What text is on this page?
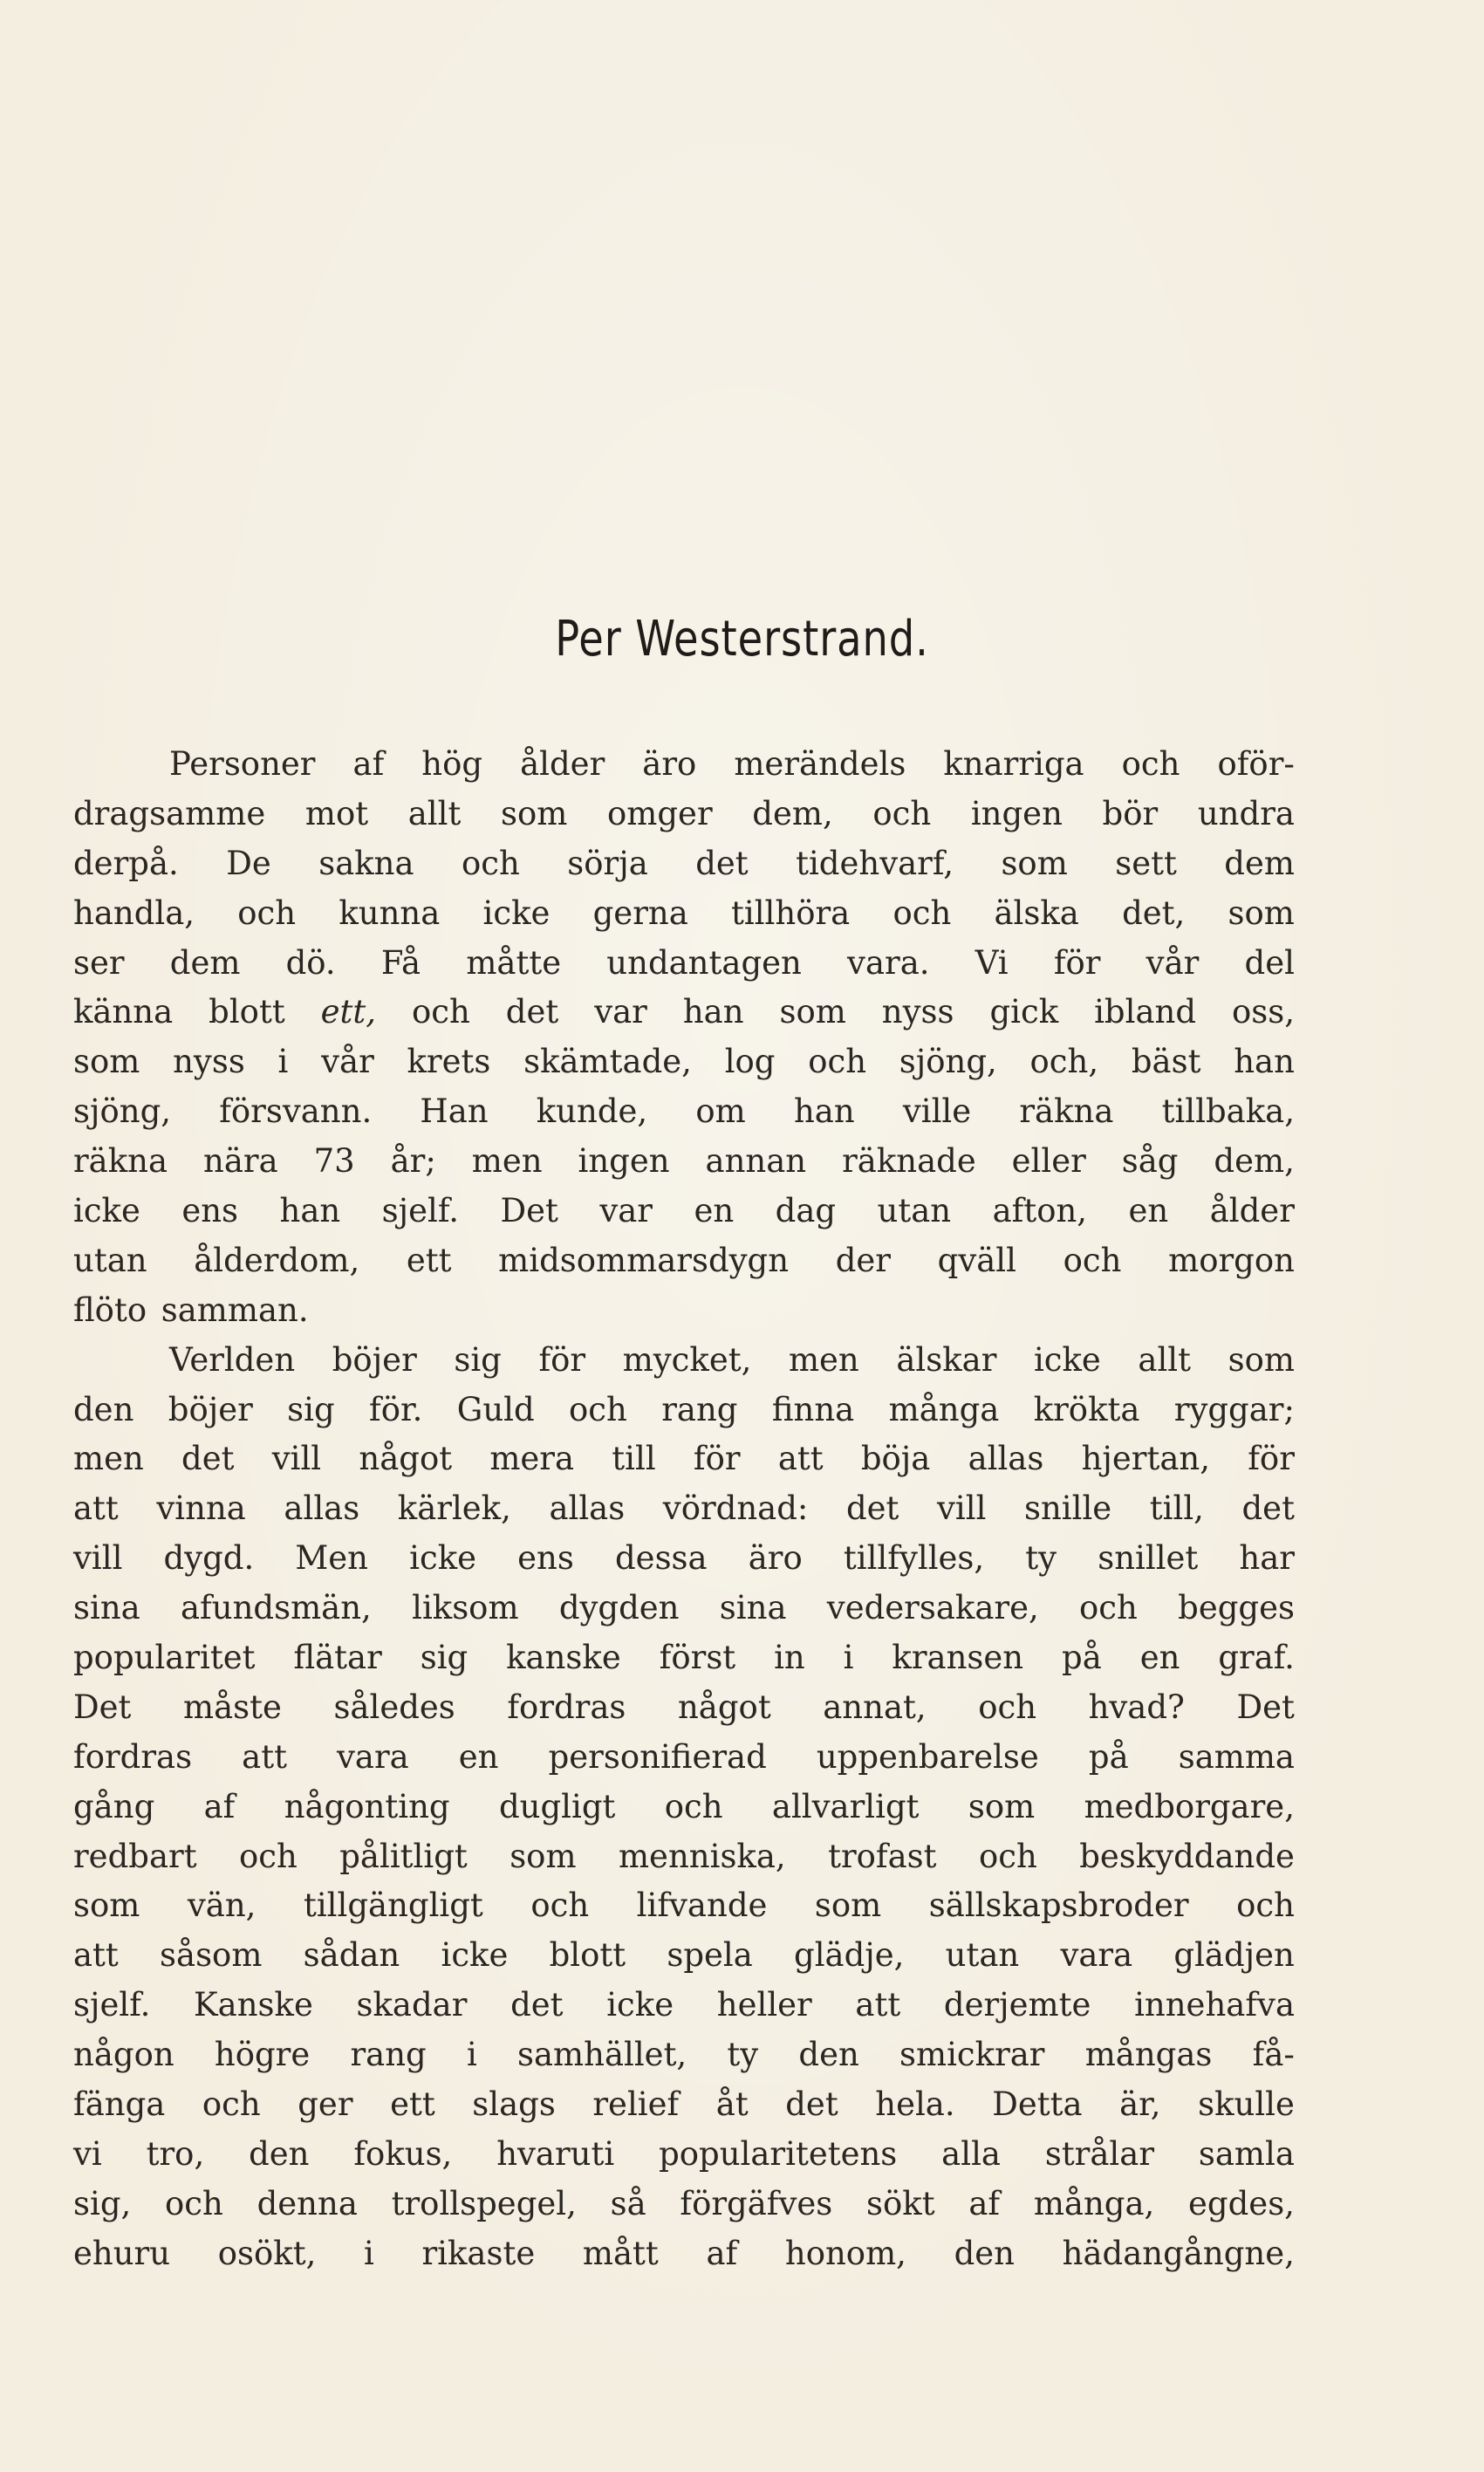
Per Westerstrand.
Personer af hög ålder äro merändels knarriga och oför-
dragsamme mot allt som omger dem, och ingen bör undra
derpå. De sakna och sörja det tidehvarf, som sett dem
handla, och kunna icke gerna tillhöra och älska det, som
ser dem dö. Få måtte undantagen vara. Vi för vår del
känna blott ett, och det var han som nyss gick ibland oss,
som nyss i vår krets skämtade, log och sjöng, och, bäst han
sjöng, försvann. Han kunde, om han ville räkna tillbaka,
räkna nära 73 år; men ingen annan räknade eller såg dem,
icke ens han sjelf. Det var en dag utan afton, en ålder
utan ålderdom, ett midsommarsdygn der qväll och morgon
flöto samman.
Verlden böjer sig för mycket, men älskar icke allt som
den böjer sig för. Guld och rang finna många krökta ryggar;
men det vill något mera till för att böja allas hjertan, för
att vinna allas kärlek, allas vördnad: det vill snille till, det
vill dygd. Men icke ens dessa äro tillfylles, ty snillet har
sina afundsmän, liksom dygden sina vedersakare, och begges
popularitet flätar sig kanske först in i kransen på en graf.
Det måste således fordras något annat, och hvad? Det
fordras att vara en personifierad uppenbarelse på samma
gång af någonting dugligt och allvarligt som medborgare,
redbart och pålitligt som menniska, trofast och beskyddande
som vän, tillgängligt och lifvande som sällskapsbroder och
att såsom sådan icke blott spela glädje, utan vara glädjen
sjelf. Kanske skadar det icke heller att derjemte innehafva
någon högre rang i samhället, ty den smickrar mångas få-
fänga och ger ett slags relief åt det hela. Detta är, skulle
vi tro, den fokus, hvaruti popularitetens alla strålar samla
sig, och denna trollspegel, så förgäfves sökt af många, egdes,
ehuru osökt, i rikaste mått af honom, den hädangångne,
